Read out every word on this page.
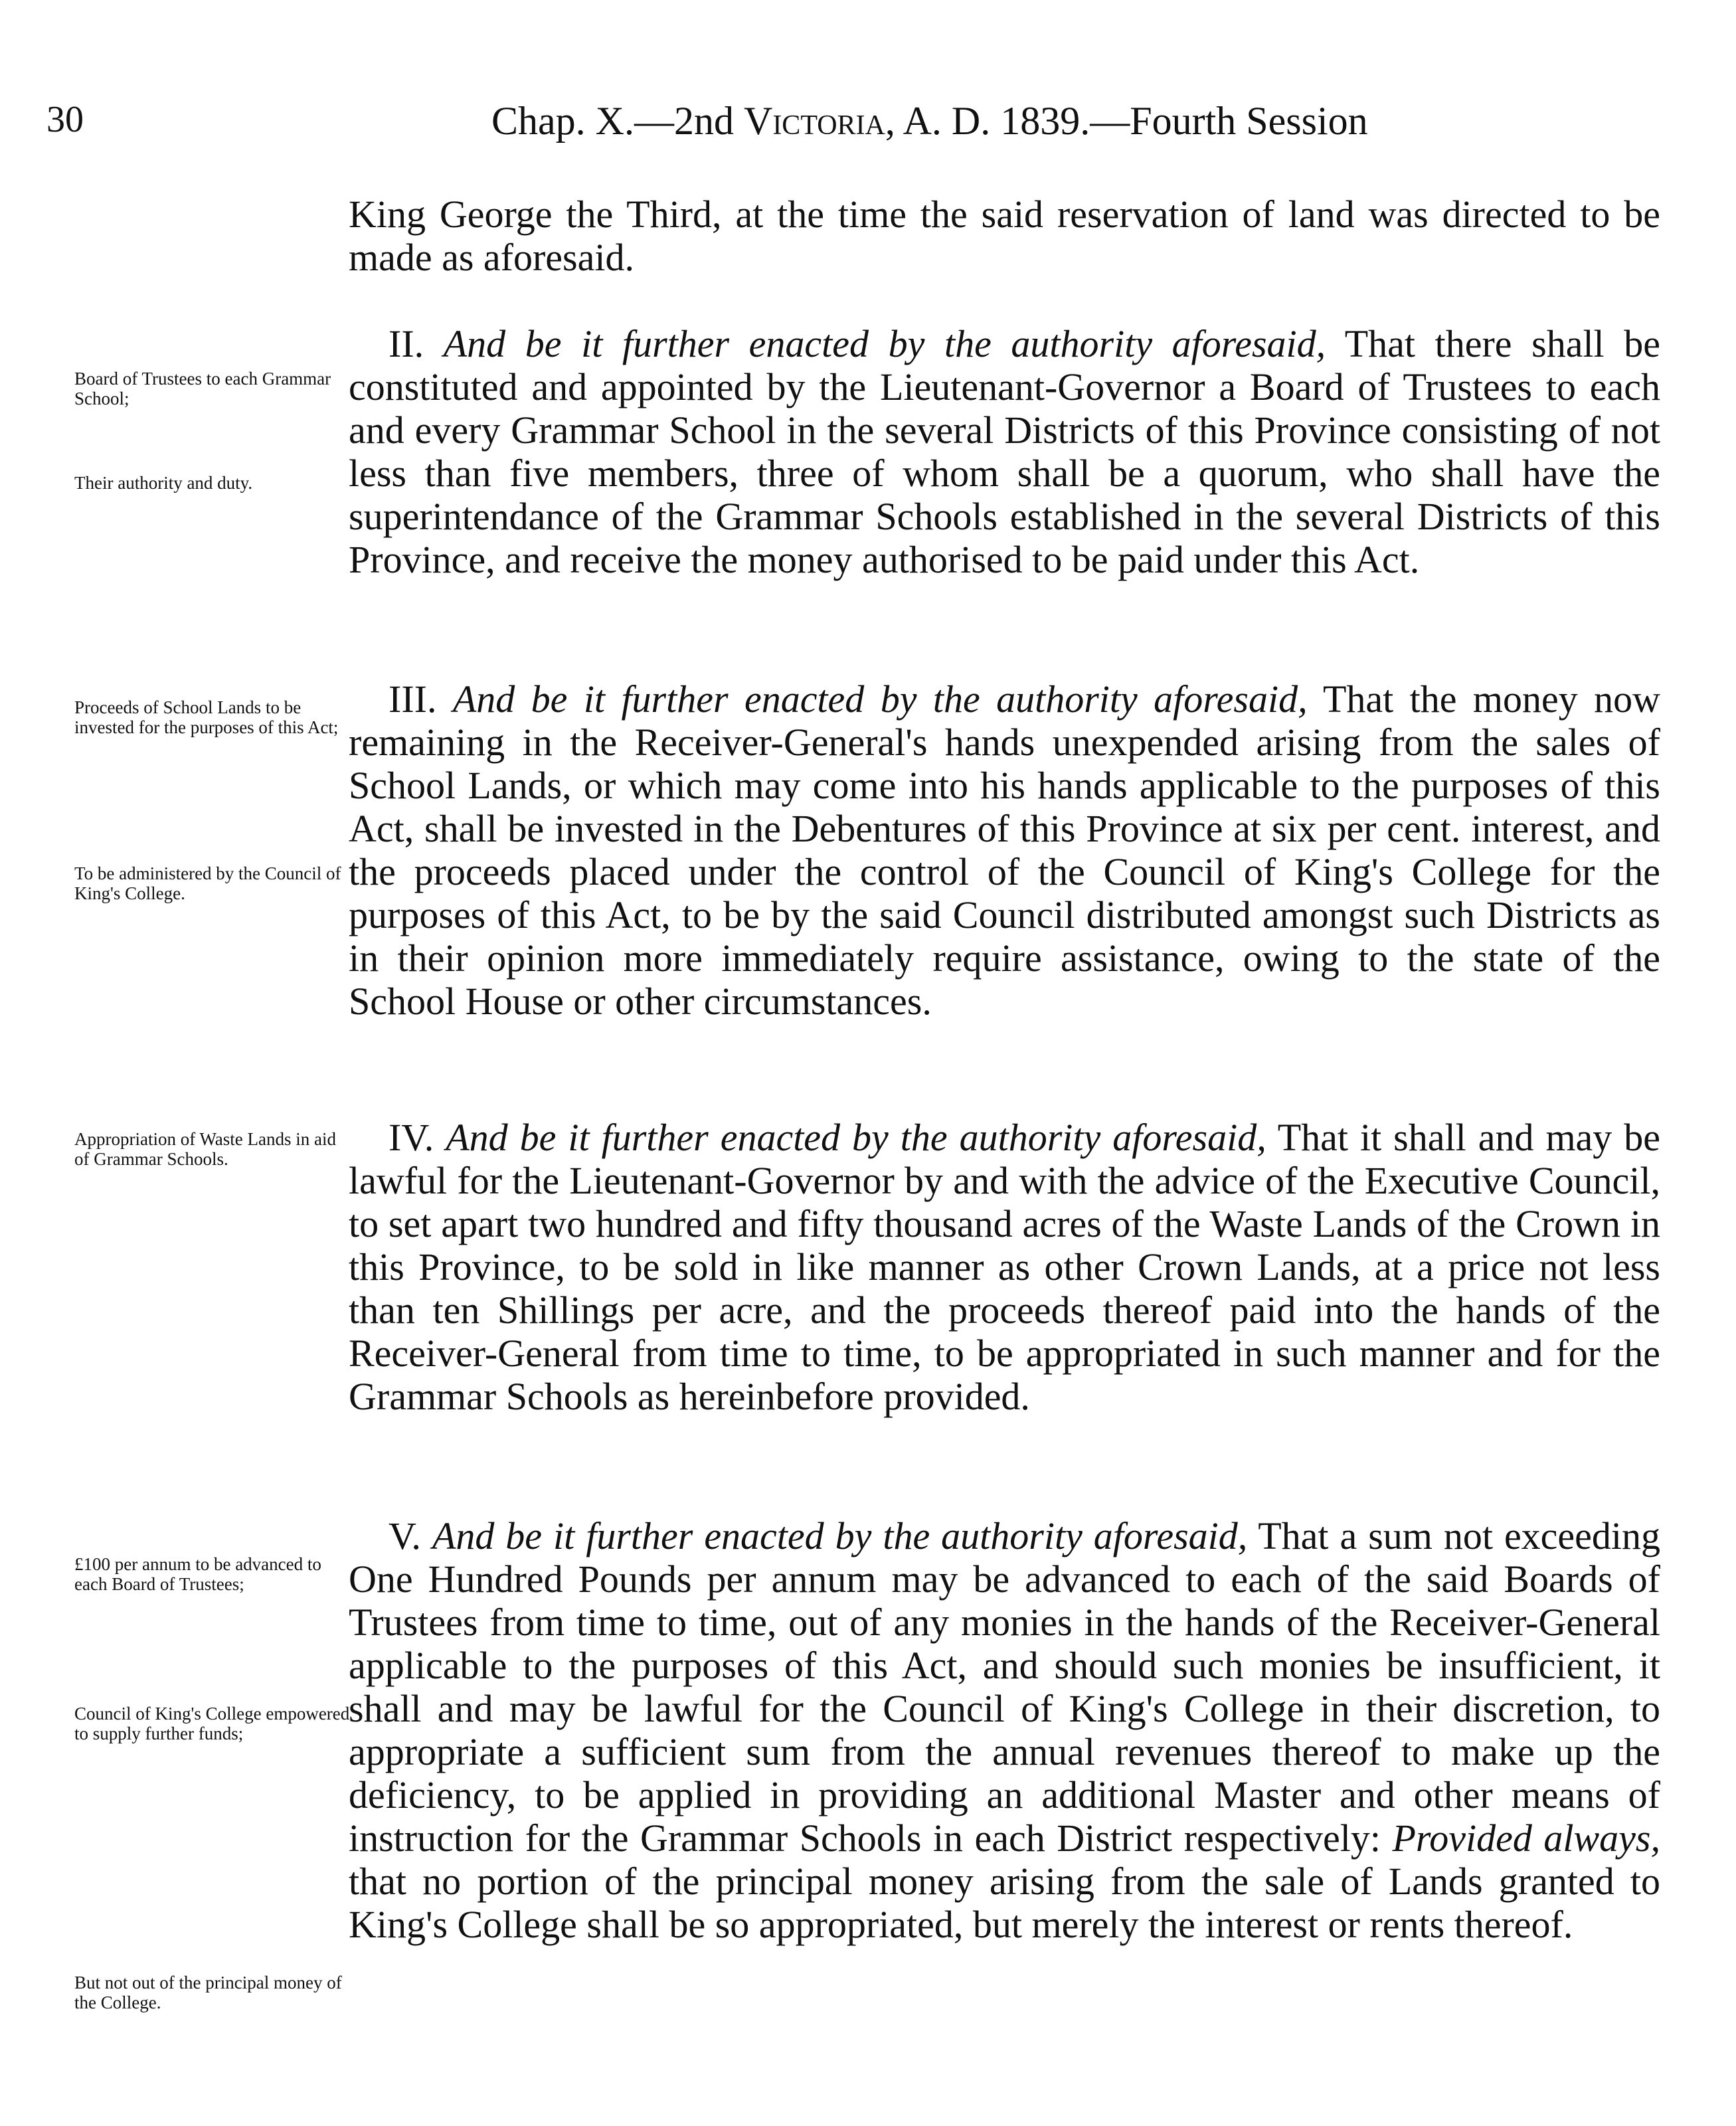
30	Chap. X.—2nd Victoria, A. D. 1839.—Fourth Session

King George the Third, at the time the said reservation of land was directed to be made as aforesaid.

II. And be it further enacted by the authority aforesaid, That there shall be constituted and appointed by the Lieutenant-Governor a Board of Trustees to each and every Grammar School in the several Districts of this Province consisting of not less than five members, three of whom shall be a quorum, who shall have the superintendance of the Grammar Schools established in the several Districts of this Province, and receive the money authorised to be paid under this Act.

III. And be it further enacted by the authority aforesaid, That the money now remaining in the Receiver-General's hands unexpended arising from the sales of School Lands, or which may come into his hands applicable to the purposes of this Act, shall be invested in the Debentures of this Province at six per cent. interest, and the proceeds placed under the control of the Council of King's College for the purposes of this Act, to be by the said Council distributed amongst such Districts as in their opinion more immediately require assistance, owing to the state of the School House or other circumstances.

IV. And be it further enacted by the authority aforesaid, That it shall and may be lawful for the Lieutenant-Governor by and with the advice of the Executive Council, to set apart two hundred and fifty thousand acres of the Waste Lands of the Crown in this Province, to be sold in like manner as other Crown Lands, at a price not less than ten Shillings per acre, and the proceeds thereof paid into the hands of the Receiver-General from time to time, to be appropriated in such manner and for the Grammar Schools as hereinbefore provided.

V. And be it further enacted by the authority aforesaid, That a sum not exceeding One Hundred Pounds per annum may be advanced to each of the said Boards of Trustees from time to time, out of any monies in the hands of the Receiver-General applicable to the purposes of this Act, and should such monies be insufficient, it shall and may be lawful for the Council of King's College in their discretion, to appropriate a sufficient sum from the annual revenues thereof to make up the deficiency, to be applied in providing an additional Master and other means of instruction for the Grammar Schools in each District respectively: Provided always, that no portion of the principal money arising from the sale of Lands granted to King's College shall be so appropriated, but merely the interest or rents thereof.

Board of Trustees to each Grammar School;

Their authority and duty.

Proceeds of School Lands to be invested for the purposes of this Act;

To be administered by the Council of King's College.

Appropriation of Waste Lands in aid of Grammar Schools.

£100 per annum to be advanced to each Board of Trustees;

Council of King's College empowered to supply further funds;

But not out of the principal money of the College.
